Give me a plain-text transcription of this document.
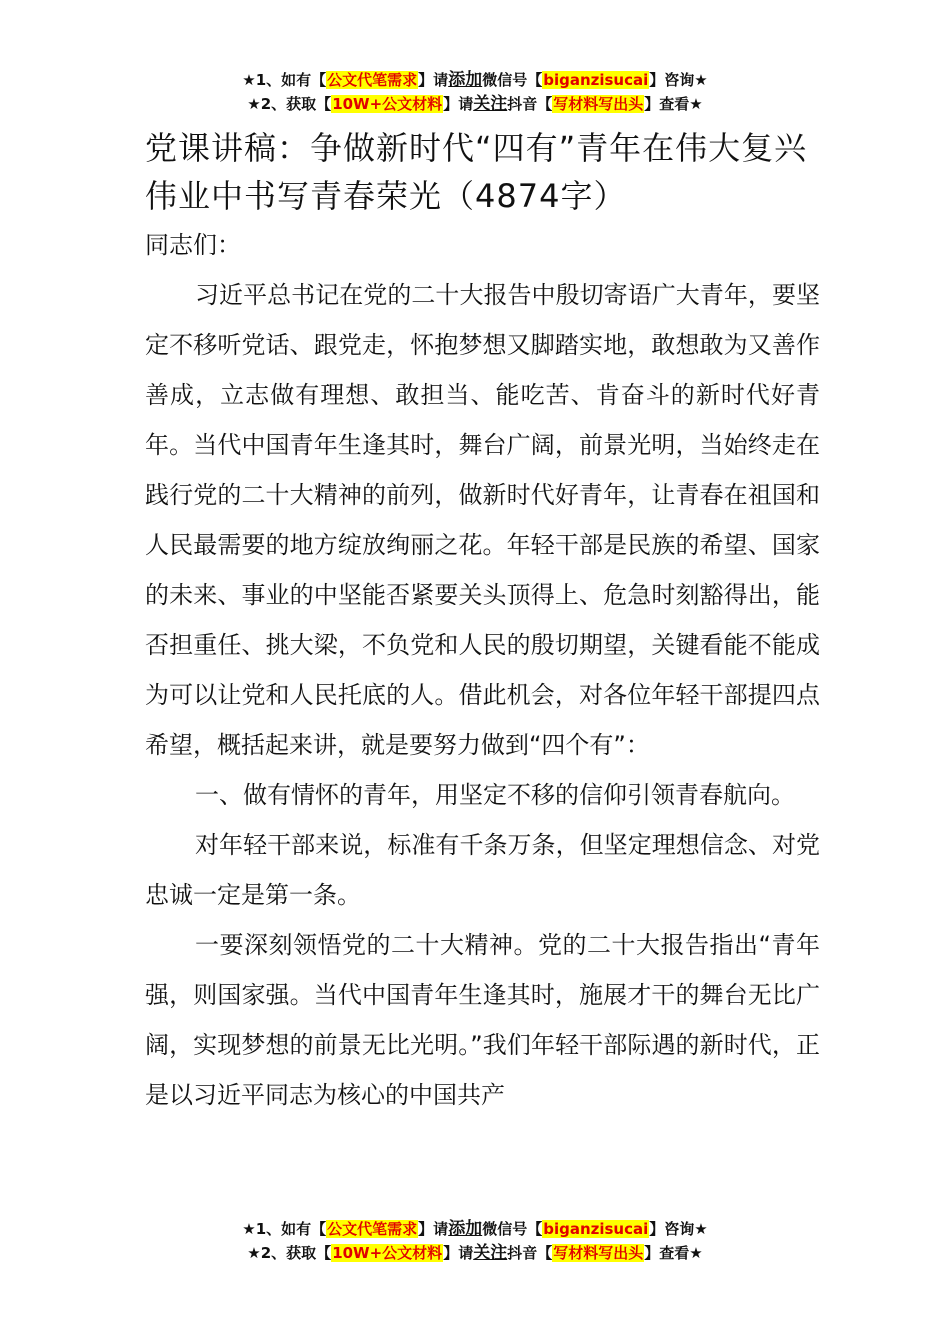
★1、如有【公文代笔需求】请添加微信号【biganzisucai】咨询★
★2、获取【10W+公文材料】请关注抖音【写材料写出头】查看★
党课讲稿：争做新时代“四有”青年在伟大复兴伟业中书写青春荣光（4874字）

同志们：

习近平总书记在党的二十大报告中殷切寄语广大青年，要坚定不移听党话、跟党走，怀抱梦想又脚踏实地，敢想敢为又善作善成，立志做有理想、敢担当、能吃苦、肯奋斗的新时代好青年。当代中国青年生逢其时，舞台广阔，前景光明，当始终走在践行党的二十大精神的前列，做新时代好青年，让青春在祖国和人民最需要的地方绽放绚丽之花。年轻干部是民族的希望、国家的未来、事业的中坚能否紧要关头顶得上、危急时刻豁得出，能否担重任、挑大梁，不负党和人民的殷切期望，关键看能不能成为可以让党和人民托底的人。借此机会，对各位年轻干部提四点希望，概括起来讲，就是要努力做到“四个有”：

一、做有情怀的青年，用坚定不移的信仰引领青春航向。

对年轻干部来说，标准有千条万条，但坚定理想信念、对党忠诚一定是第一条。

一要深刻领悟党的二十大精神。党的二十大报告指出“青年强，则国家强。当代中国青年生逢其时，施展才干的舞台无比广阔，实现梦想的前景无比光明。”我们年轻干部际遇的新时代，正是以习近平同志为核心的中国共产

★1、如有【公文代笔需求】请添加微信号【biganzisucai】咨询★
★2、获取【10W+公文材料】请关注抖音【写材料写出头】查看★
